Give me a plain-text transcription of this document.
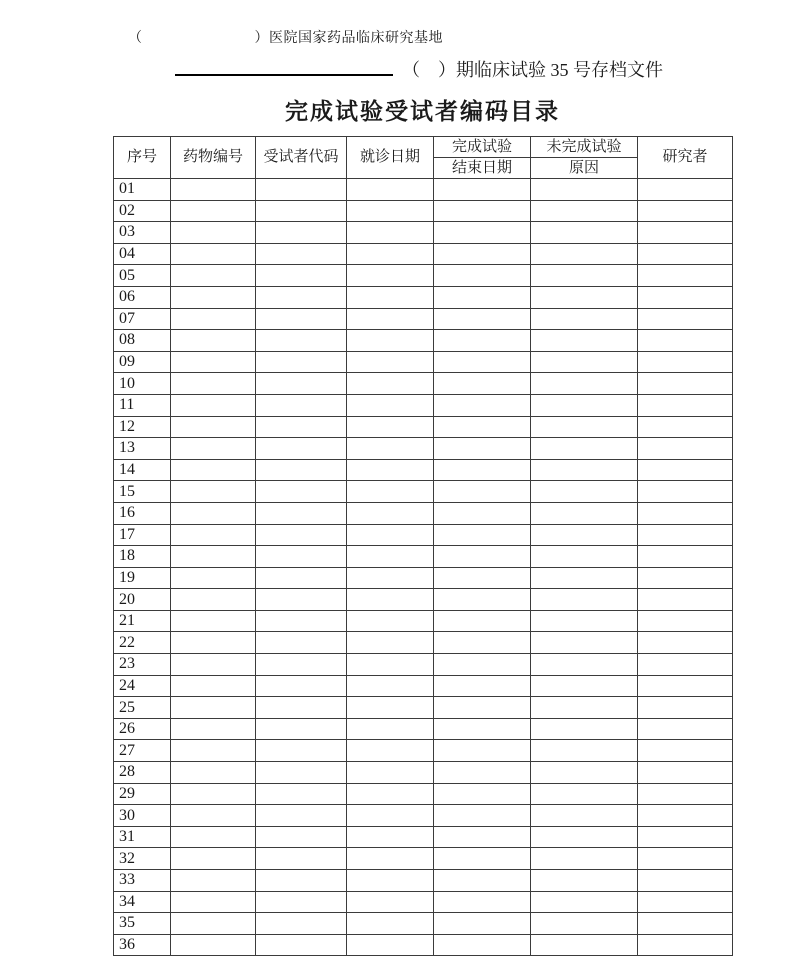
（	）医院国家药品临床研究基地
（　）期临床试验 35 号存档文件
完成试验受试者编码目录
序号	药物编号	受试者代码	就诊日期	完成试验	未完成试验	研究者
				结束日期	原因	
01						
02						
03						
04						
05						
06						
07						
08						
09						
10						
11						
12						
13						
14						
15						
16						
17						
18						
19						
20						
21						
22						
23						
24						
25						
26						
27						
28						
29						
30						
31						
32						
33						
34						
35						
36						
